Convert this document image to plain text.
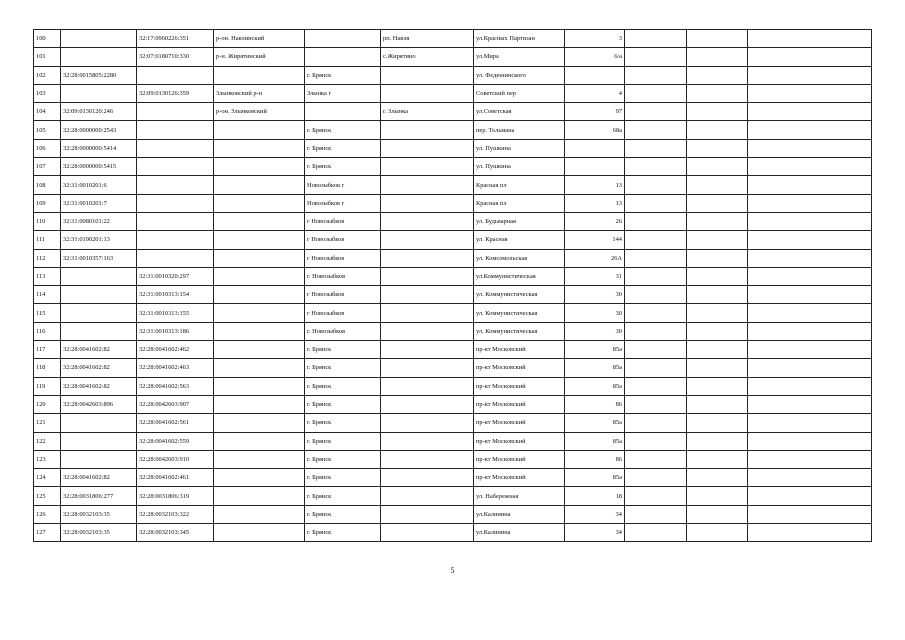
100		32:17:0960226:351	р-он. Навлинский		рп. Навля	ул.Красных Партизан	3			
101		32:07:0180710:330	р-н. Жирятинский		с.Жирятино	ул.Мира	6/а			
102	32:28:0015805:2280			г. Брянск		ул. Федюнинского				
103		32:09:0130126:359	Злынковский р-н	Злынка г		Советский пер	4			
104	32:09:0130120:246		р-он. Злынковский		г. Злынка	ул.Советская	97			
105	32:28:0000000:2543			г. Брянск		пер. Тельмана	68а			
106	32:28:0000000:5414			г. Брянск		ул. Пушкина				
107	32:28:0000000:5415			г. Брянск		ул. Пушкина				
108	32:31:0010201:6			Новозыбков г		Красная пл	13			
109	32:31:0010201:7			Новозыбков г		Красная пл	13			
110	32:31:0080101:22			г Новозыбков		ул. Будьварная	26			
111	32:31:0190201:13			г Новозыбков		ул. Красная	144			
112	32:31:0010357:163			г Новозыбков		ул. Комсомольская	26А			
113		32:31:0010320:297		г. Новозыбков		ул.Коммунистическая	31			
114		32:31:0010313:154		г Новозыбков		ул. Коммунистическая	30			
115		32:31:0010313:155		г Новозыбков		ул. Коммунистическая	30			
116		32:31:0010313:186		г. Новозыбков		ул. Коммунистическая	30			
117	32:28:0041602:82	32:28:0041602:462		г. Брянск		пр-кт Московский	85а			
118	32:28:0041602:82	32:28:0041602:463		г. Брянск		пр-кт Московский	85а			
119	32:28:0041602:82	32:28:0041602:563		г. Брянск		пр-кт Московский	85а			
120	32:28:0042603:896	32:28:0042603:907		г. Брянск		пр-кт Московский	86			
121		32:28:0041602:561		г. Брянск		пр-кт Московский	85а			
122		32:28:0041602:559		г. Брянск		пр-кт Московский	85а			
123		32:28:0042603:910		г. Брянск		пр-кт Московский	86			
124	32:28:0041602:82	32:28:0041602:461		г. Брянск		пр-кт Московский	85а			
125	32:28:0031806:277	32:28:0031806:319		г. Брянск		ул. Набережная	18			
126	32:28:0032103:35	32:28:0032103:322		г. Брянск		ул.Калинина	34			
127	32:28:0032103:35	32:28:0032103:345		г. Брянск		ул.Калинина	34			
5
